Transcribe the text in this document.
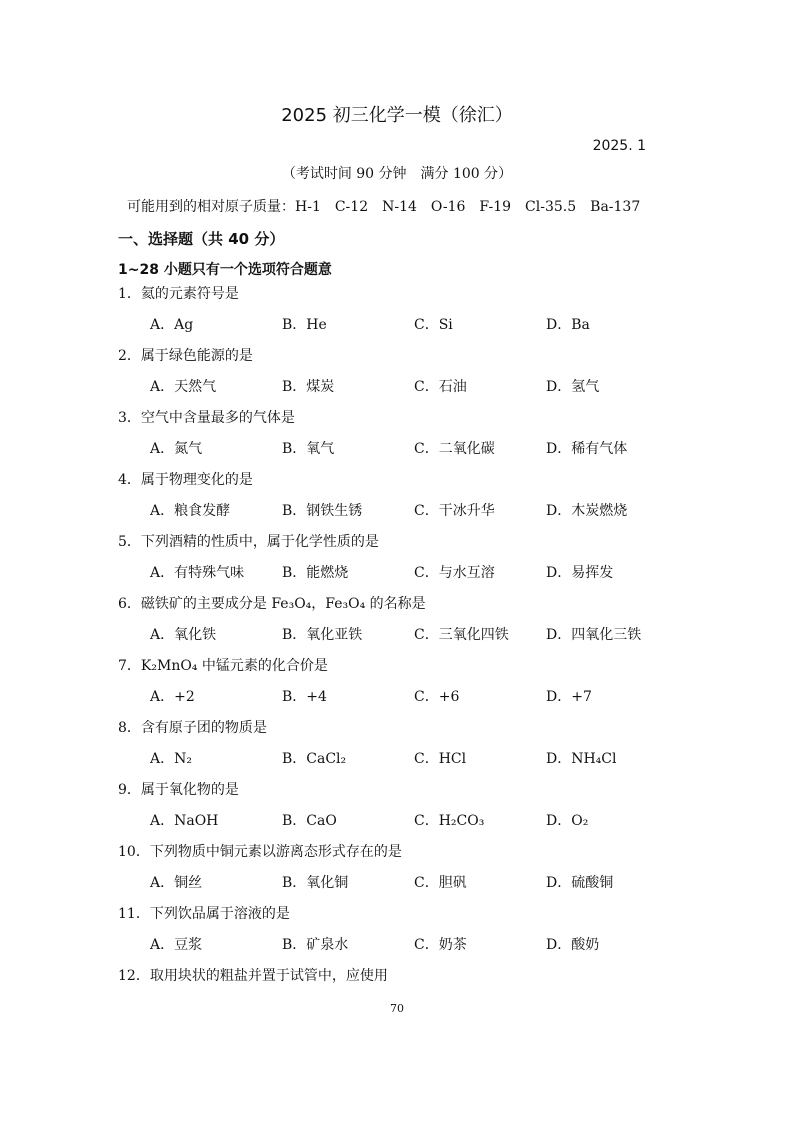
2025 初三化学一模（徐汇）
2025. 1
（考试时间 90 分钟　满分 100 分）
可能用到的相对原子质量：H-1　C-12　N-14　O-16　F-19　Cl-35.5　Ba-137
一、选择题（共 40 分）
1~28 小题只有一个选项符合题意
1．氦的元素符号是
A．Ag	B．He	C．Si	D．Ba
2．属于绿色能源的是
A．天然气	B．煤炭	C．石油	D．氢气
3．空气中含量最多的气体是
A．氮气	B．氧气	C．二氧化碳	D．稀有气体
4．属于物理变化的是
A．粮食发酵	B．钢铁生锈	C．干冰升华	D．木炭燃烧
5．下列酒精的性质中，属于化学性质的是
A．有特殊气味	B．能燃烧	C．与水互溶	D．易挥发
6．磁铁矿的主要成分是 Fe₃O₄，Fe₃O₄ 的名称是
A．氧化铁	B．氧化亚铁	C．三氧化四铁	D．四氧化三铁
7．K₂MnO₄ 中锰元素的化合价是
A．+2	B．+4	C．+6	D．+7
8．含有原子团的物质是
A．N₂	B．CaCl₂	C．HCl	D．NH₄Cl
9．属于氧化物的是
A．NaOH	B．CaO	C．H₂CO₃	D．O₂
10．下列物质中铜元素以游离态形式存在的是
A．铜丝	B．氧化铜	C．胆矾	D．硫酸铜
11．下列饮品属于溶液的是
A．豆浆	B．矿泉水	C．奶茶	D．酸奶
12．取用块状的粗盐并置于试管中，应使用
70
